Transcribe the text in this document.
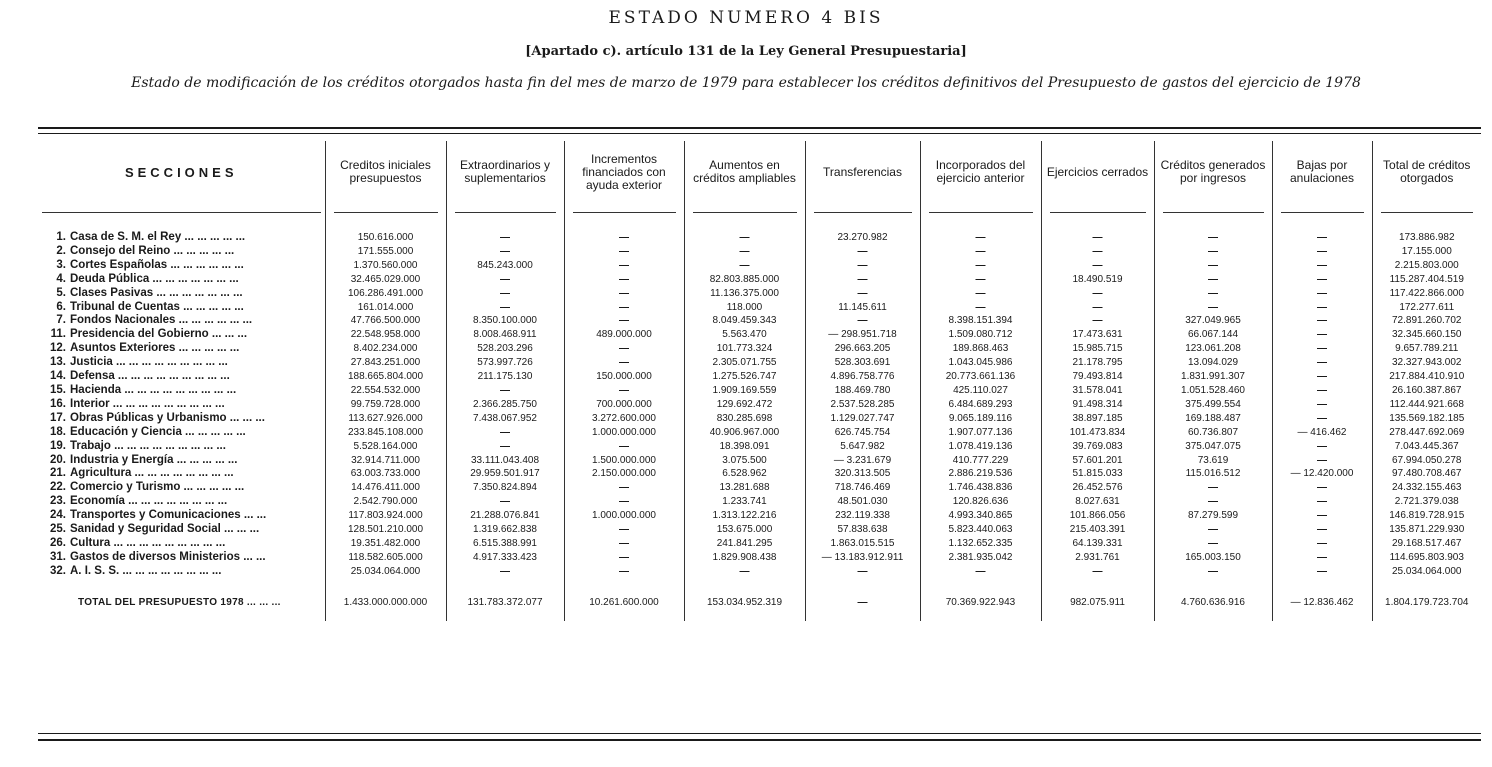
ESTADO NUMERO 4 BIS
[Apartado c). artículo 131 de la Ley General Presupuestaria]
Estado de modificación de los créditos otorgados hasta fin del mes de marzo de 1979 para establecer los créditos definitivos del Presupuesto de gastos del ejercicio de 1978
SECCIONES	Creditos iniciales presupuestos	Extraordinarios y suplementarios	Incrementos financiados con ayuda exterior	Aumentos en créditos ampliables	Transferencias	Incorporados del ejercicio anterior	Ejercicios cerrados	Créditos generados por ingresos	Bajas por anulaciones	Total de créditos otorgados

1. Casa de S. M. el Rey ... ... ... ... ...	150.616.000	—	—	—	23.270.982	—	—	—	—	173.886.982
2. Consejo del Reino ... ... ... ... ...	171.555.000	—	—	—	—	—	—	—	—	17.155.000
3. Cortes Españolas ... ... ... ... ... ...	1.370.560.000	845.243.000	—	—	—	—	—	—	—	2.215.803.000
4. Deuda Pública ... ... ... ... ... ... ...	32.465.029.000	—	—	82.803.885.000	—	—	18.490.519	—	—	115.287.404.519
5. Clases Pasivas ... ... ... ... ... ... ...	106.286.491.000	—	—	11.136.375.000	—	—	—	—	—	117.422.866.000
6. Tribunal de Cuentas ... ... ... ... ...	161.014.000	—	—	118.000	11.145.611	—	—	—	—	172.277.611
7. Fondos Nacionales ... ... ... ... ... ...	47.766.500.000	8.350.100.000	—	8.049.459.343	—	8.398.151.394	—	327.049.965	—	72.891.260.702
11. Presidencia del Gobierno ... ... ...	22.548.958.000	8.008.468.911	489.000.000	5.563.470	— 298.951.718	1.509.080.712	17.473.631	66.067.144	—	32.345.660.150
12. Asuntos Exteriores ... ... ... ... ...	8.402.234.000	528.203.296	—	101.773.324	296.663.205	189.868.463	15.985.715	123.061.208	—	9.657.789.211
13. Justicia ... ... ... ... ... ... ... ... ...	27.843.251.000	573.997.726	—	2.305.071.755	528.303.691	1.043.045.986	21.178.795	13.094.029	—	32.327.943.002
14. Defensa ... ... ... ... ... ... ... ... ...	188.665.804.000	211.175.130	150.000.000	1.275.526.747	4.896.758.776	20.773.661.136	79.493.814	1.831.991.307	—	217.884.410.910
15. Hacienda ... ... ... ... ... ... ... ... ...	22.554.532.000	—	—	1.909.169.559	188.469.780	425.110.027	31.578.041	1.051.528.460	—	26.160.387.867
16. Interior ... ... ... ... ... ... ... ... ...	99.759.728.000	2.366.285.750	700.000.000	129.692.472	2.537.528.285	6.484.689.293	91.498.314	375.499.554	—	112.444.921.668
17. Obras Públicas y Urbanismo ... ... ...	113.627.926.000	7.438.067.952	3.272.600.000	830.285.698	1.129.027.747	9.065.189.116	38.897.185	169.188.487	—	135.569.182.185
18. Educación y Ciencia ... ... ... ... ...	233.845.108.000	—	1.000.000.000	40.906.967.000	626.745.754	1.907.077.136	101.473.834	60.736.807	— 416.462	278.447.692.069
19. Trabajo ... ... ... ... ... ... ... ... ...	5.528.164.000	—	—	18.398.091	5.647.982	1.078.419.136	39.769.083	375.047.075	—	7.043.445.367
20. Industria y Energía ... ... ... ... ...	32.914.711.000	33.111.043.408	1.500.000.000	3.075.500	— 3.231.679	410.777.229	57.601.201	73.619	—	67.994.050.278
21. Agricultura ... ... ... ... ... ... ... ...	63.003.733.000	29.959.501.917	2.150.000.000	6.528.962	320.313.505	2.886.219.536	51.815.033	115.016.512	— 12.420.000	97.480.708.467
22. Comercio y Turismo ... ... ... ... ...	14.476.411.000	7.350.824.894	—	13.281.688	718.746.469	1.746.438.836	26.452.576	—	—	24.332.155.463
23. Economía ... ... ... ... ... ... ... ...	2.542.790.000	—	—	1.233.741	48.501.030	120.826.636	8.027.631	—	—	2.721.379.038
24. Transportes y Comunicaciones ... ...	117.803.924.000	21.288.076.841	1.000.000.000	1.313.122.216	232.119.338	4.993.340.865	101.866.056	87.279.599	—	146.819.728.915
25. Sanidad y Seguridad Social ... ... ...	128.501.210.000	1.319.662.838	—	153.675.000	57.838.638	5.823.440.063	215.403.391	—	—	135.871.229.930
26. Cultura ... ... ... ... ... ... ... ... ...	19.351.482.000	6.515.388.991	—	241.841.295	1.863.015.515	1.132.652.335	64.139.331	—	—	29.168.517.467
31. Gastos de diversos Ministerios ... ...	118.582.605.000	4.917.333.423	—	1.829.908.438	— 13.183.912.911	2.381.935.042	2.931.761	165.003.150	—	114.695.803.903
32. A. I. S. S. ... ... ... ... ... ... ... ...	25.034.064.000	—	—	—	—	—	—	—	—	25.034.064.000

TOTAL DEL PRESUPUESTO 1978 ... ... ...	1.433.000.000.000	131.783.372.077	10.261.600.000	153.034.952.319	—	70.369.922.943	982.075.911	4.760.636.916	— 12.836.462	1.804.179.723.704
